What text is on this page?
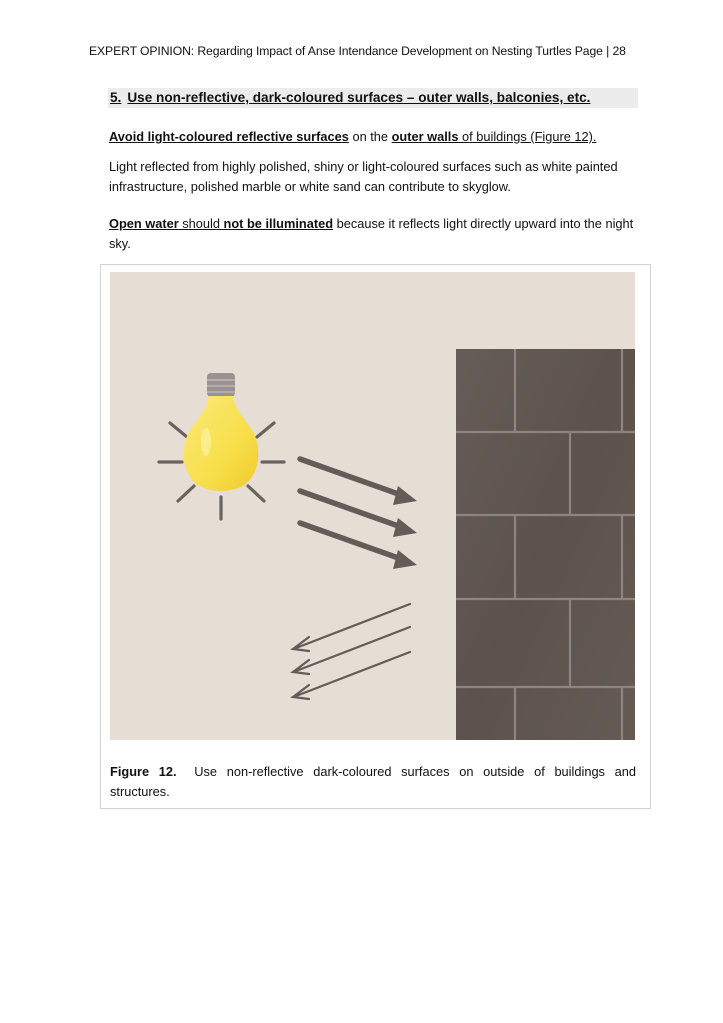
EXPERT OPINION: Regarding Impact of Anse Intendance Development on Nesting Turtles Page | 28
5. Use non-reflective, dark-coloured surfaces – outer walls, balconies, etc.

Avoid light-coloured reflective surfaces on the outer walls of buildings (Figure 12).

Light reflected from highly polished, shiny or light-coloured surfaces such as white painted infrastructure, polished marble or white sand can contribute to skyglow.

Open water should not be illuminated because it reflects light directly upward into the night sky.

Figure 12. Use non-reflective dark-coloured surfaces on outside of buildings and structures.
